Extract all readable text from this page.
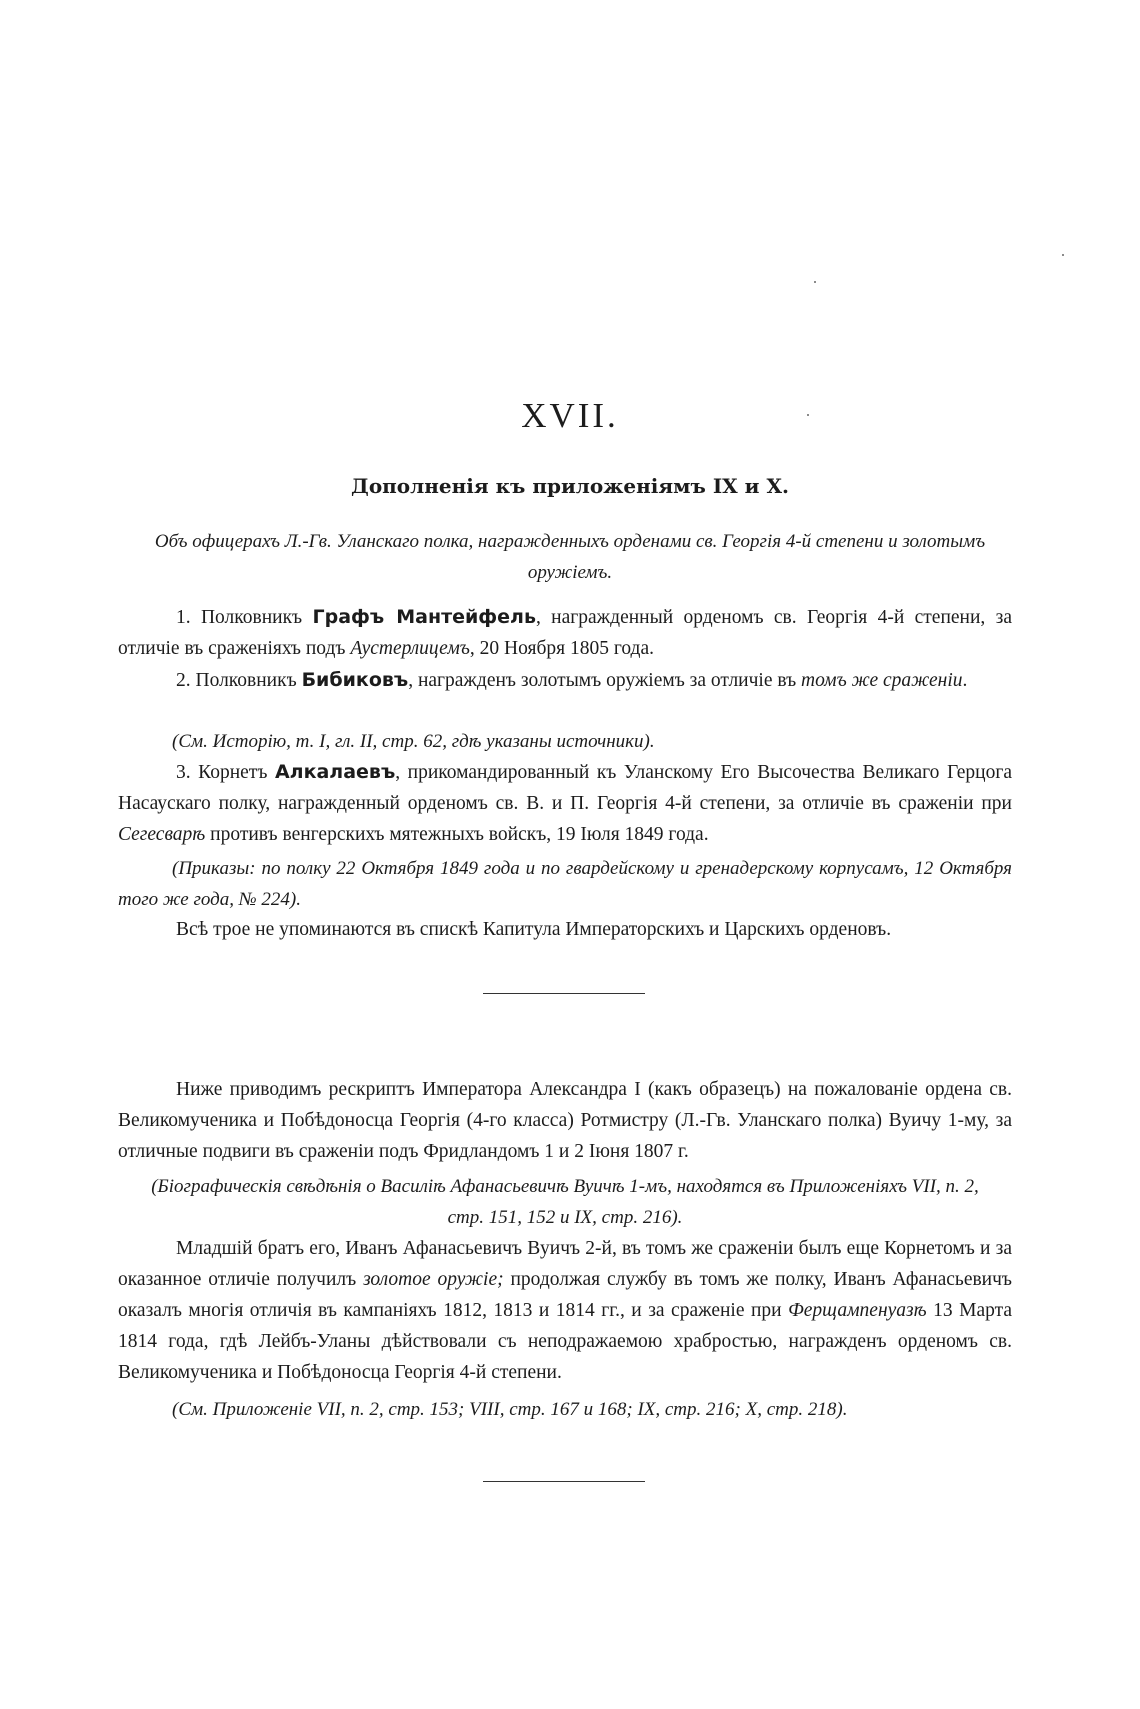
XVII.
Дополненія къ приложеніямъ IX и X.

Объ офицерахъ Л.-Гв. Уланскаго полка, награжденныхъ орденами св. Георгія 4-й степени и золотымъ оружіемъ.

1. Полковникъ Графъ Мантейфель, награжденный орденомъ св. Георгія 4-й степени, за отличіе въ сраженіяхъ подъ Аустерлицемъ, 20 Ноября 1805 года.

2. Полковникъ Бибиковъ, награжденъ золотымъ оружіемъ за отличіе въ томъ же сраженіи.

(См. Исторію, т. I, гл. II, стр. 62, гдѣ указаны источники).

3. Корнетъ Алкалаевъ, прикомандированный къ Уланскому Его Высочества Великаго Герцога Насаускаго полку, награжденный орденомъ св. В. и П. Георгія 4-й степени, за отличіе въ сраженіи при Сегесварѣ противъ венгерскихъ мятежныхъ войскъ, 19 Іюля 1849 года.

(Приказы: по полку 22 Октября 1849 года и по гвардейскому и гренадерскому корпусамъ, 12 Октября того же года, № 224).

Всѣ трое не упоминаются въ спискѣ Капитула Императорскихъ и Царскихъ орденовъ.

Ниже приводимъ рескриптъ Императора Александра I (какъ образецъ) на пожалованіе ордена св. Великомученика и Побѣдоносца Георгія (4-го класса) Ротмистру (Л.-Гв. Уланскаго полка) Вуичу 1-му, за отличные подвиги въ сраженіи подъ Фридландомъ 1 и 2 Іюня 1807 г.

(Біографическія свѣдѣнія о Василіѣ Афанасьевичѣ Вуичѣ 1-мъ, находятся въ Приложеніяхъ VII, п. 2, стр. 151, 152 и IX, стр. 216).

Младшій братъ его, Иванъ Афанасьевичъ Вуичъ 2-й, въ томъ же сраженіи былъ еще Корнетомъ и за оказанное отличіе получилъ золотое оружіе; продолжая службу въ томъ же полку, Иванъ Афанасьевичъ оказалъ многія отличія въ кампаніяхъ 1812, 1813 и 1814 гг., и за сраженіе при Ферщампенуазѣ 13 Марта 1814 года, гдѣ Лейбъ-Уланы дѣйствовали съ неподражаемою храбростью, награжденъ орденомъ св. Великомученика и Побѣдоносца Георгія 4-й степени.

(См. Приложеніе VII, п. 2, стр. 153; VIII, стр. 167 и 168; IX, стр. 216; X, стр. 218).
